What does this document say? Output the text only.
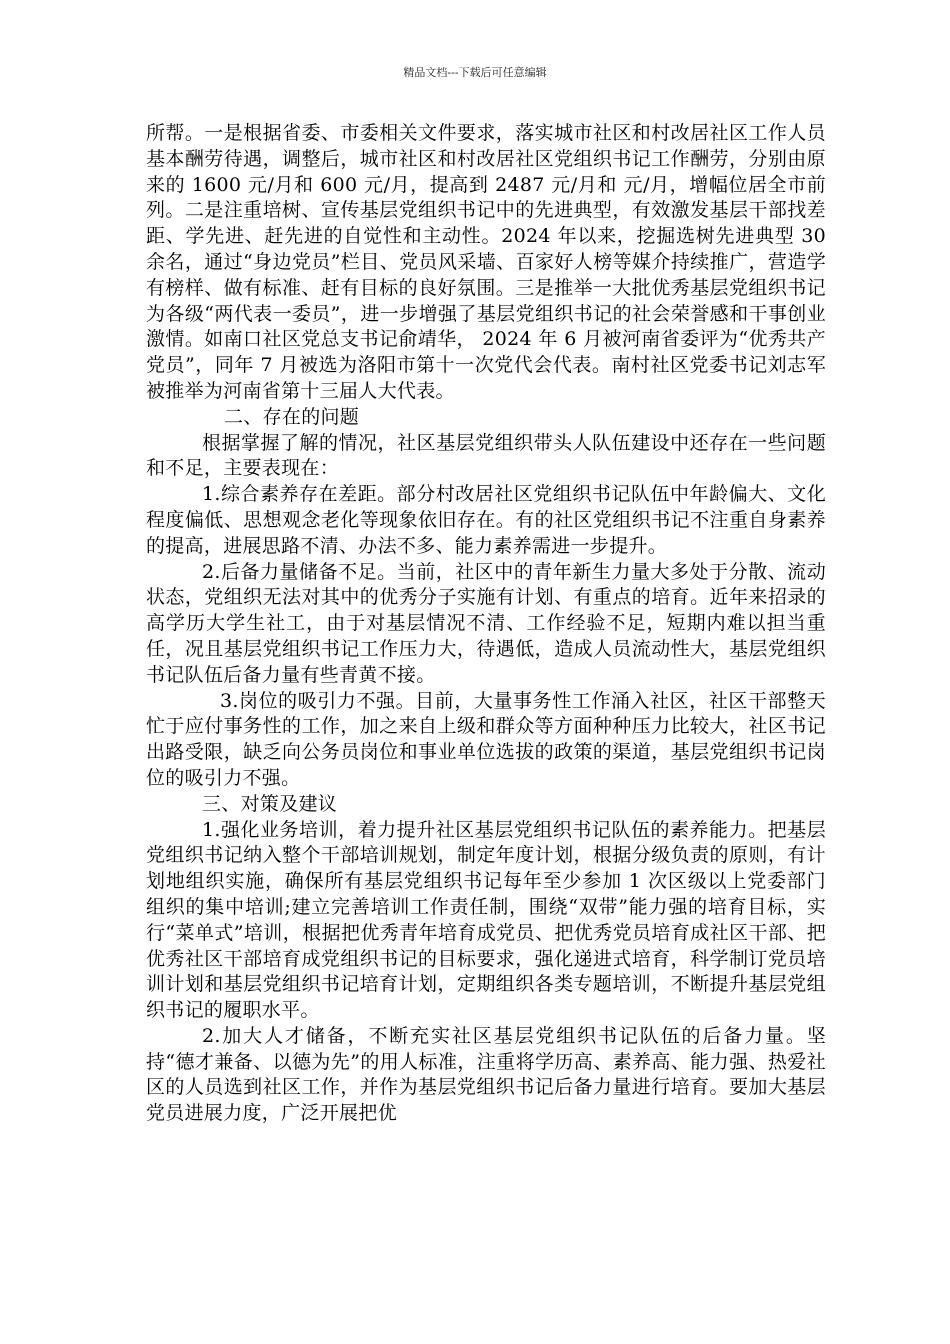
精品文档---下载后可任意编辑

所帮。一是根据省委、市委相关文件要求，落实城市社区和村改居社区工作人员基本酬劳待遇，调整后，城市社区和村改居社区党组织书记工作酬劳，分别由原来的 1600 元/月和 600 元/月，提高到 2487 元/月和 元/月，增幅位居全市前列。二是注重培树、宣传基层党组织书记中的先进典型，有效激发基层干部找差距、学先进、赶先进的自觉性和主动性。2024 年以来，挖掘选树先进典型 30 余名，通过“身边党员”栏目、党员风采墙、百家好人榜等媒介持续推广，营造学有榜样、做有标准、赶有目标的良好氛围。三是推举一大批优秀基层党组织书记为各级“两代表一委员”，进一步增强了基层党组织书记的社会荣誉感和干事创业激情。如南口社区党总支书记俞靖华， 2024 年 6 月被河南省委评为“优秀共产党员”，同年 7 月被选为洛阳市第十一次党代会代表。南村社区党委书记刘志军被推举为河南省第十三届人大代表。

二、存在的问题

根据掌握了解的情况，社区基层党组织带头人队伍建设中还存在一些问题和不足，主要表现在：

1.综合素养存在差距。部分村改居社区党组织书记队伍中年龄偏大、文化程度偏低、思想观念老化等现象依旧存在。有的社区党组织书记不注重自身素养的提高，进展思路不清、办法不多、能力素养需进一步提升。

2.后备力量储备不足。当前，社区中的青年新生力量大多处于分散、流动状态，党组织无法对其中的优秀分子实施有计划、有重点的培育。近年来招录的高学历大学生社工，由于对基层情况不清、工作经验不足，短期内难以担当重任，况且基层党组织书记工作压力大，待遇低，造成人员流动性大，基层党组织书记队伍后备力量有些青黄不接。

3.岗位的吸引力不强。目前，大量事务性工作涌入社区，社区干部整天忙于应付事务性的工作，加之来自上级和群众等方面种种压力比较大，社区书记出路受限，缺乏向公务员岗位和事业单位选拔的政策的渠道，基层党组织书记岗位的吸引力不强。

三、对策及建议

1.强化业务培训，着力提升社区基层党组织书记队伍的素养能力。把基层党组织书记纳入整个干部培训规划，制定年度计划，根据分级负责的原则，有计划地组织实施，确保所有基层党组织书记每年至少参加 1 次区级以上党委部门组织的集中培训;建立完善培训工作责任制，围绕“双带”能力强的培育目标，实行“菜单式”培训，根据把优秀青年培育成党员、把优秀党员培育成社区干部、把优秀社区干部培育成党组织书记的目标要求，强化递进式培育，科学制订党员培训计划和基层党组织书记培育计划，定期组织各类专题培训，不断提升基层党组织书记的履职水平。

2.加大人才储备，不断充实社区基层党组织书记队伍的后备力量。坚持“德才兼备、以德为先”的用人标准，注重将学历高、素养高、能力强、热爱社区的人员选到社区工作，并作为基层党组织书记后备力量进行培育。要加大基层党员进展力度，广泛开展把优
